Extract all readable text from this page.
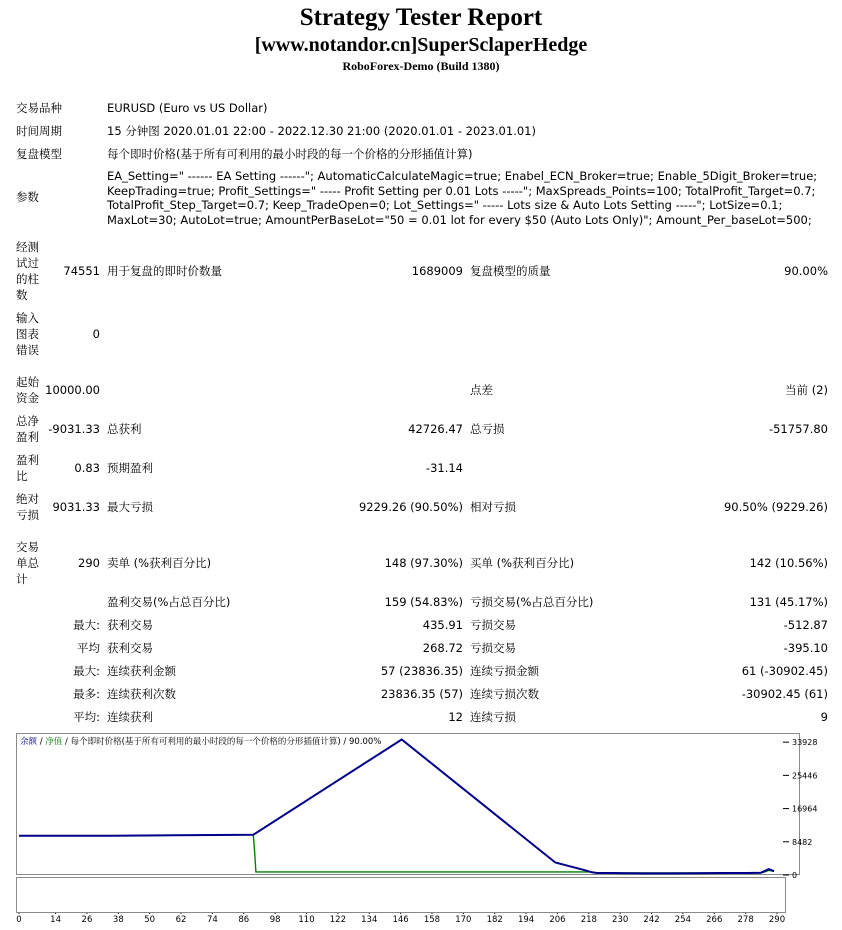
Strategy Tester Report
[www.notandor.cn]SuperSclaperHedge
RoboForex-Demo (Build 1380)
交易品种	EURUSD (Euro vs US Dollar)
时间周期	15 分钟图 2020.01.01 22:00 - 2022.12.30 21:00 (2020.01.01 - 2023.01.01)
复盘模型	每个即时价格(基于所有可利用的最小时段的每一个价格的分形插值计算)
参数
EA_Setting=" ------ EA Setting ------"; AutomaticCalculateMagic=true; Enabel_ECN_Broker=true; Enable_5Digit_Broker=true; KeepTrading=true; Profit_Settings=" ----- Profit Setting per 0.01 Lots -----"; MaxSpreads_Points=100; TotalProfit_Target=0.7; TotalProfit_Step_Target=0.7; Keep_TradeOpen=0; Lot_Settings=" ----- Lots size & Auto Lots Setting -----"; LotSize=0.1; MaxLot=30; AutoLot=true; AmountPerBaseLot="50 = 0.01 lot for every $50 (Auto Lots Only)"; Amount_Per_baseLot=500;
经测
试过
的柱
数
74551 用于复盘的即时价数量	1689009 复盘模型的质量	90.00%
输入
图表
错误
0
起始
资金
10000.00	点差	当前 (2)
总净
盈利
-9031.33 总获利	42726.47 总亏损	-51757.80
盈利
比
0.83 预期盈利	-31.14
绝对
亏损
9031.33 最大亏损	9229.26 (90.50%) 相对亏损	90.50% (9229.26)
交易
单总
计
290 卖单 (%获利百分比)	148 (97.30%) 买单 (%获利百分比)	142 (10.56%)
盈利交易(%占总百分比)	159 (54.83%) 亏损交易(%占总百分比)	131 (45.17%)
最大: 获利交易	435.91 亏损交易	-512.87
平均 获利交易	268.72 亏损交易	-395.10
最大: 连续获利金额	57 (23836.35) 连续亏损金额	61 (-30902.45)
最多: 连续获利次数	23836.35 (57) 连续亏损次数	-30902.45 (61)
平均: 连续获利	12 连续亏损	9
余额 / 净值 / 每个即时价格(基于所有可利用的最小时段的每一个价格的分形插值计算) / 90.00%
0
8482
16964
25446
33928
0	14 26 38 50 62 74 86 98 110 122 134 146 158 170 182 194 206 218 230 242 254 266 278 290
